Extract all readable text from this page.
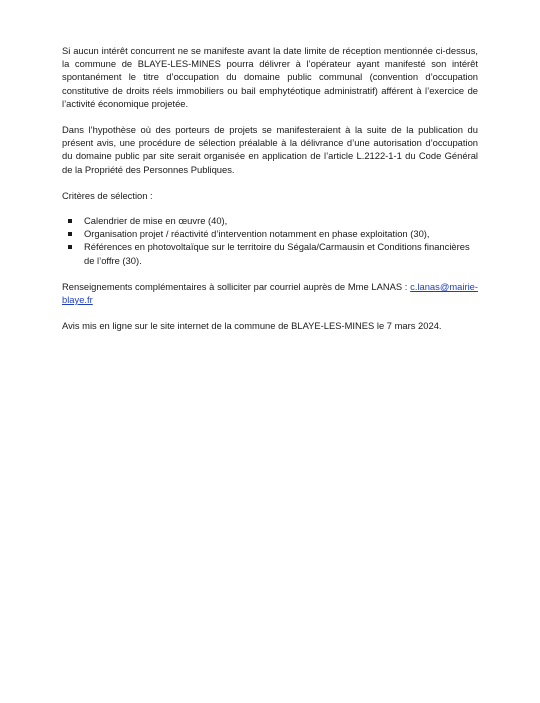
Si aucun intérêt concurrent ne se manifeste avant la date limite de réception mentionnée ci-dessus, la commune de BLAYE-LES-MINES pourra délivrer à l’opérateur ayant manifesté son intérêt spontanément le titre d’occupation du domaine public communal (convention d’occupation constitutive de droits réels immobiliers ou bail emphytéotique administratif) afférent à l’exercice de l’activité économique projetée.

Dans l’hypothèse où des porteurs de projets se manifesteraient à la suite de la publication du présent avis, une procédure de sélection préalable à la délivrance d’une autorisation d’occupation du domaine public par site serait organisée en application de l’article L.2122-1-1 du Code Général de la Propriété des Personnes Publiques.

Critères de sélection :

Calendrier de mise en œuvre (40),
Organisation projet / réactivité d’intervention notamment en phase exploitation (30),
Références en photovoltaïque sur le territoire du Ségala/Carmausin et Conditions financières de l’offre (30).

Renseignements complémentaires à solliciter par courriel auprès de Mme LANAS : c.lanas@mairie-blaye.fr

Avis mis en ligne sur le site internet de la commune de BLAYE-LES-MINES le 7 mars 2024.
